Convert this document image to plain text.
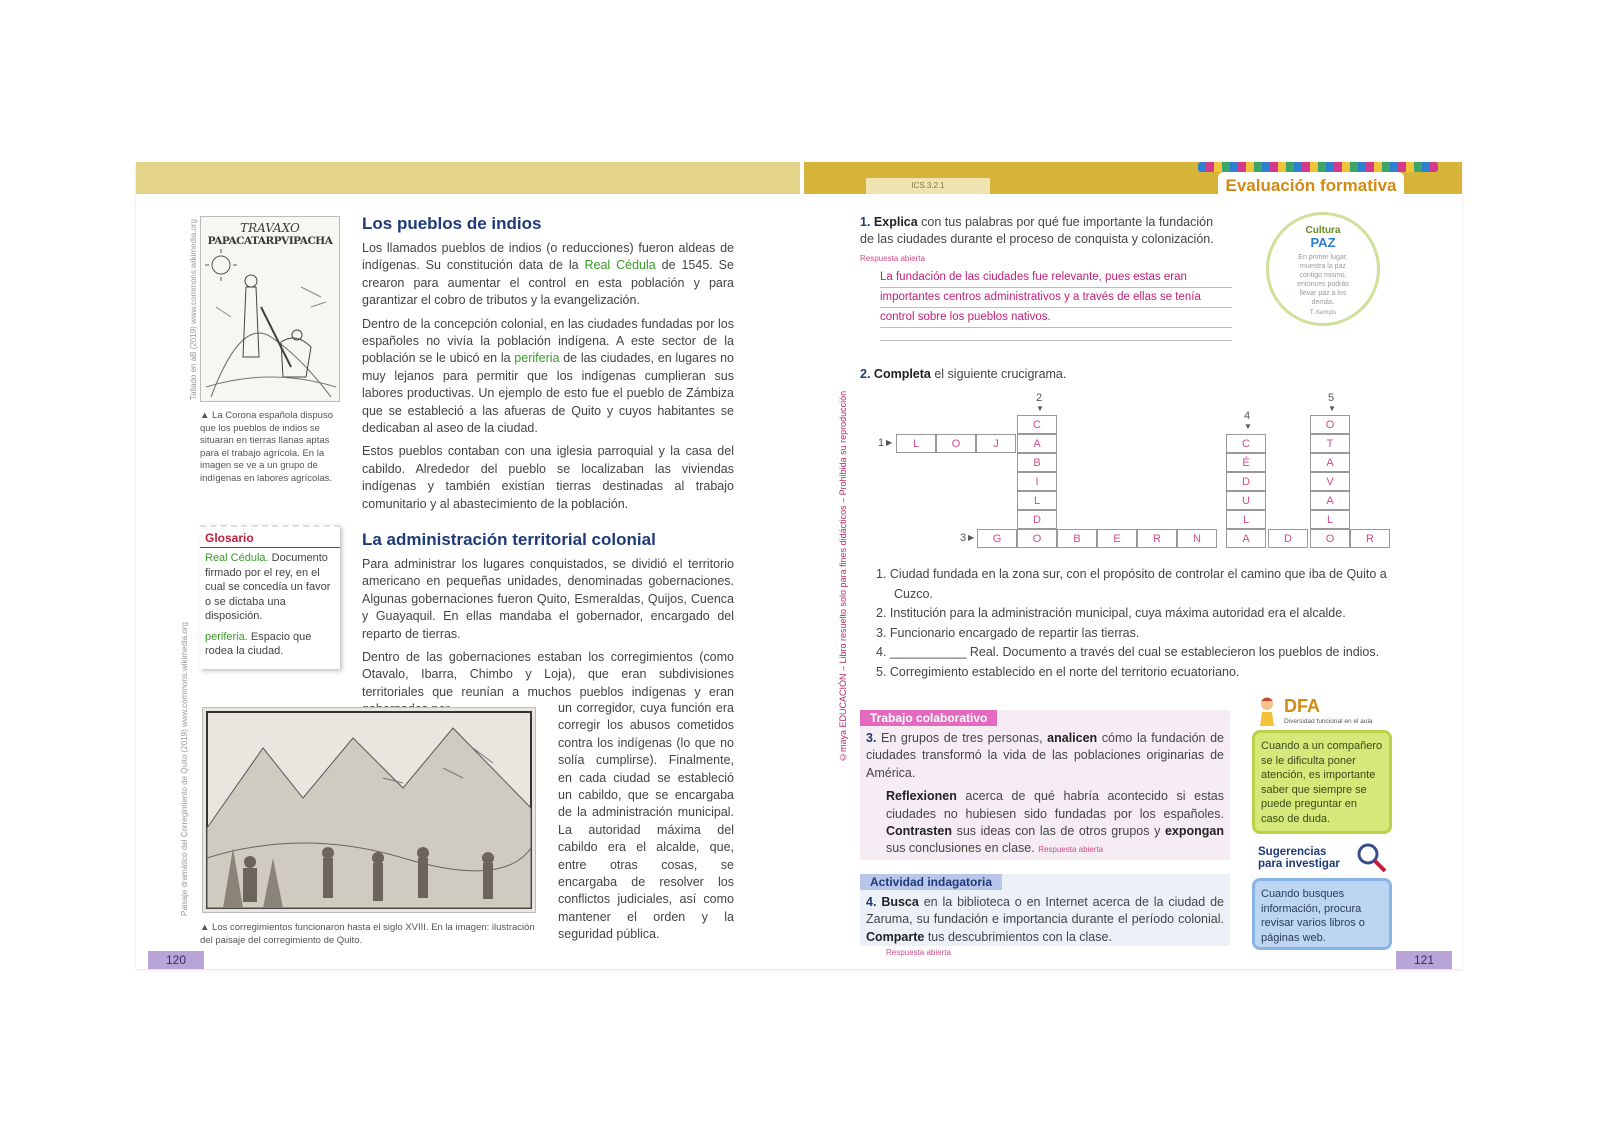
ICS.3.2.1	Evaluación formativa
TRAVAXO
PAPACATARPVIPACHA
Tallado en aB (2019) www.commons.wikimedia.org
▲ La Corona española dispuso que los pueblos de indios se situaran en tierras llanas aptas para el trabajo agrícola. En la imagen se ve a un grupo de indígenas en labores agrícolas.
Los pueblos de indios

Los llamados pueblos de indios (o reducciones) fueron aldeas de indígenas. Su constitución data de la Real Cédula de 1545. Se crearon para aumentar el control en esta población y para garantizar el cobro de tributos y la evangelización.

Dentro de la concepción colonial, en las ciudades fundadas por los españoles no vivía la población indígena. A este sector de la población se le ubicó en la periferia de las ciudades, en lugares no muy lejanos para permitir que los indígenas cumplieran sus labores productivas. Un ejemplo de esto fue el pueblo de Zámbiza que se estableció a las afueras de Quito y cuyos habitantes se dedicaban al aseo de la ciudad.

Estos pueblos contaban con una iglesia parroquial y la casa del cabildo. Alrededor del pueblo se localizaban las viviendas indígenas y también existían tierras destinadas al trabajo comunitario y al abastecimiento de la población.

Glosario
Real Cédula. Documento firmado por el rey, en el cual se concedía un favor o se dictaba una disposición.
periferia. Espacio que rodea la ciudad.
La administración territorial colonial

Para administrar los lugares conquistados, se dividió el territorio americano en pequeñas unidades, denominadas gobernaciones. Algunas gobernaciones fueron Quito, Esmeraldas, Quijos, Cuenca y Guayaquil. En ellas mandaba el gobernador, encargado del reparto de tierras.

Dentro de las gobernaciones estaban los corregimientos (como Otavalo, Ibarra, Chimbo y Loja), que eran subdivisiones territoriales que reunían a muchos pueblos indígenas y eran

un corregidor, cuya función era corregir los abusos cometidos contra los indígenas (lo que no solía cumplirse). Finalmente, en cada ciudad se estableció un cabildo, que se encargaba de la administración municipal. La autoridad máxima del cabildo era el alcalde, que, entre otras cosas, se encargaba de resolver los conflictos judiciales, así como mantener el orden y la seguridad pública.
Paisaje dramático del Corregimiento de Quito (2019) www.commons.wikimedia.org
▲ Los corregimientos funcionaron hasta el siglo XVIII. En la imagen: ilustración del paisaje del corregimiento de Quito.
120
©maya EDUCACIÓN – Libro resuelto solo para fines didácticos – Prohibida su reproducción
1. Explica con tus palabras por qué fue importante la fundación de las ciudades durante el proceso de conquista y colonización. Respuesta abierta
La fundación de las ciudades fue relevante, pues estas eran
importantes centros administrativos y a través de ellas se tenía
control sobre los pueblos nativos.
Cultura
PAZ
En primer lugar, muestra la paz contigo mismo, entonces podrás llevar paz a los demás.
T. Kempis
2. Completa el siguiente crucigrama.
2
▼
4
▼
5
▼
1 ▶
3 ▶
L	O	J
C
A
B
I
L
D
C
É
D
U
L
O
T
A
V
A
L
G	O	B	E	R	N	A	D	O	R
1. Ciudad fundada en la zona sur, con el propósito de controlar el camino que iba de Quito a Cuzco.
2. Institución para la administración municipal, cuya máxima autoridad era el alcalde.
3. Funcionario encargado de repartir las tierras.
4. ___________ Real. Documento a través del cual se establecieron los pueblos de indios.
5. Corregimiento establecido en el norte del territorio ecuatoriano.
Trabajo colaborativo
3. En grupos de tres personas, analicen cómo la fundación de ciudades transformó la vida de las poblaciones originarias de América.
Reflexionen acerca de qué habría acontecido si estas ciudades no hubiesen sido fundadas por los españoles. Contrasten sus ideas con las de otros grupos y expongan sus conclusiones en clase. Respuesta abierta
Actividad indagatoria
4. Busca en la biblioteca o en Internet acerca de la ciudad de Zaruma, su fundación e importancia durante el período colonial. Comparte tus descubrimientos con la clase.
Respuesta abierta
DFA
Diversidad funcional en el aula
Cuando a un compañero se le dificulta poner atención, es importante saber que siempre se puede preguntar en caso de duda.
Sugerencias
para investigar
Cuando busques información, procura revisar varios libros o páginas web.
121
